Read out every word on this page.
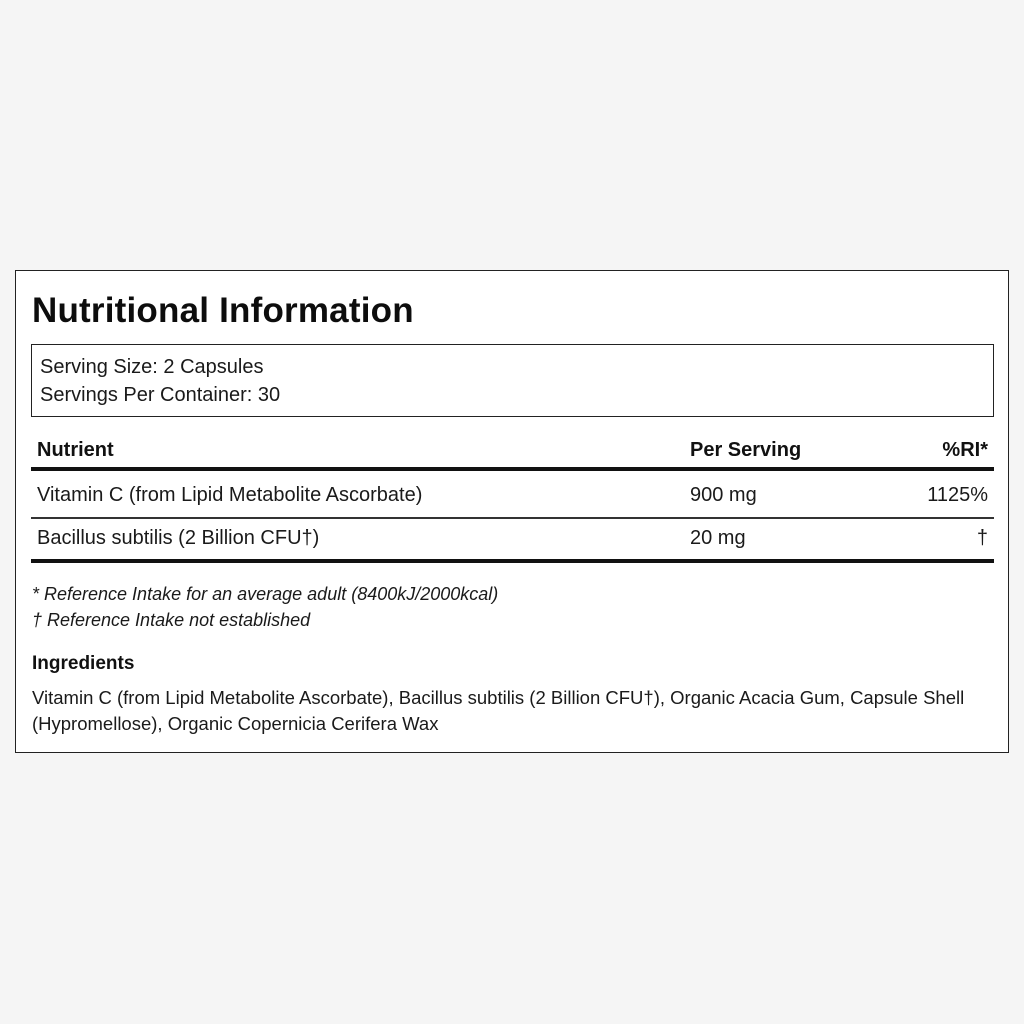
Nutritional Information
Serving Size: 2 Capsules
Servings Per Container: 30
Nutrient	Per Serving	%RI*
Vitamin C (from Lipid Metabolite Ascorbate)	900 mg	1125%
Bacillus subtilis (2 Billion CFU†)	20 mg	†
* Reference Intake for an average adult (8400kJ/2000kcal)
† Reference Intake not established
Ingredients
Vitamin C (from Lipid Metabolite Ascorbate), Bacillus subtilis (2 Billion CFU†), Organic Acacia Gum, Capsule Shell (Hypromellose), Organic Copernicia Cerifera Wax
